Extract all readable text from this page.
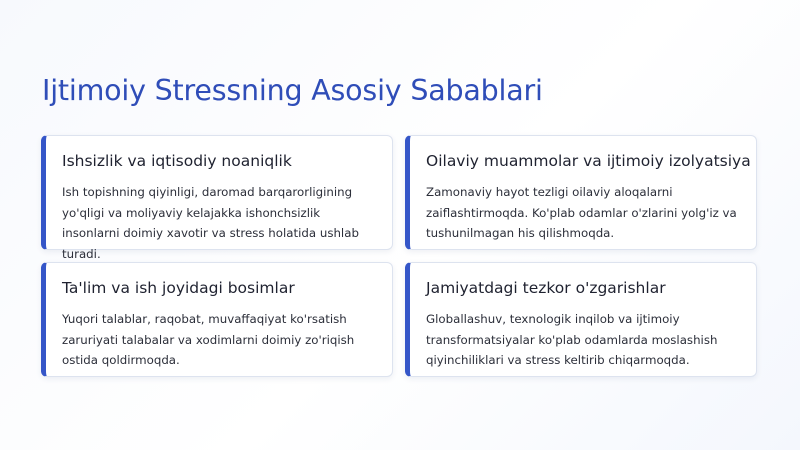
Ijtimoiy Stressning Asosiy Sabablari
Ishsizlik va iqtisodiy noaniqlik

Ish topishning qiyinligi, daromad barqarorligining yo'qligi va moliyaviy kelajakka ishonchsizlik insonlarni doimiy xavotir va stress holatida ushlab turadi.

Oilaviy muammolar va ijtimoiy izolyatsiya

Zamonaviy hayot tezligi oilaviy aloqalarni zaiflashtirmoqda. Ko'plab odamlar o'zlarini yolg'iz va tushunilmagan his qilishmoqda.

Ta'lim va ish joyidagi bosimlar

Yuqori talablar, raqobat, muvaffaqiyat ko'rsatish zaruriyati talabalar va xodimlarni doimiy zo'riqish ostida qoldirmoqda.

Jamiyatdagi tezkor o'zgarishlar

Globallashuv, texnologik inqilob va ijtimoiy transformatsiyalar ko'plab odamlarda moslashish qiyinchiliklari va stress keltirib chiqarmoqda.
